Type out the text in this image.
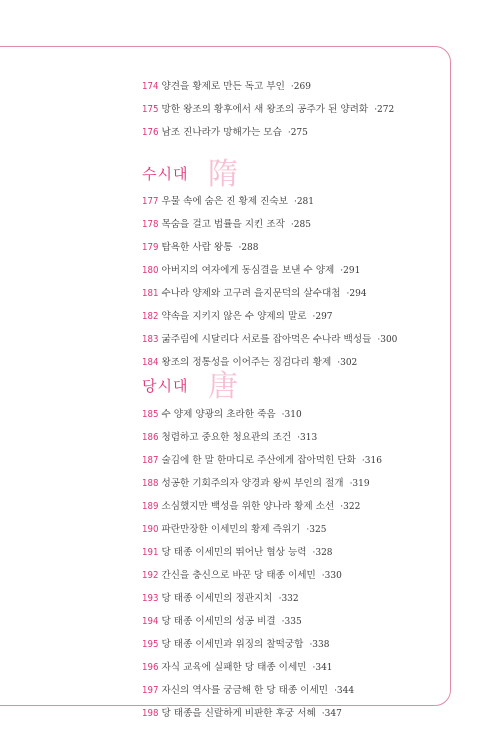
174 양견을 황제로 만든 독고 부인 ·269
175 망한 왕조의 황후에서 새 왕조의 공주가 된 양려화 ·272
176 남조 진나라가 망해가는 모습 ·275
수시대 隋
177 우물 속에 숨은 진 황제 진숙보 ·281
178 목숨을 걸고 법률을 지킨 조작 ·285
179 탐욕한 사람 왕통 ·288
180 아버지의 여자에게 동심결을 보낸 수 양제 ·291
181 수나라 양제와 고구려 을지문덕의 살수대첩 ·294
182 약속을 지키지 않은 수 양제의 말로 ·297
183 굶주림에 시달리다 서로를 잡아먹은 수나라 백성들 ·300
184 왕조의 정통성을 이어주는 징검다리 황제 ·302
당시대 唐
185 수 양제 양광의 초라한 죽음 ·310
186 청렴하고 중요한 청요관의 조건 ·313
187 술김에 한 말 한마디로 주산에게 잡아먹힌 단화 ·316
188 성공한 기회주의자 양경과 왕씨 부인의 절개 ·319
189 소심했지만 백성을 위한 양나라 황제 소선 ·322
190 파란만장한 이세민의 황제 즉위기 ·325
191 당 태종 이세민의 뛰어난 협상 능력 ·328
192 간신을 충신으로 바꾼 당 태종 이세민 ·330
193 당 태종 이세민의 정관지치 ·332
194 당 태종 이세민의 성공 비결 ·335
195 당 태종 이세민과 위징의 찰떡궁합 ·338
196 자식 교육에 실패한 당 태종 이세민 ·341
197 자신의 역사를 궁금해 한 당 태종 이세민 ·344
198 당 태종을 신랄하게 비판한 후궁 서혜 ·347
